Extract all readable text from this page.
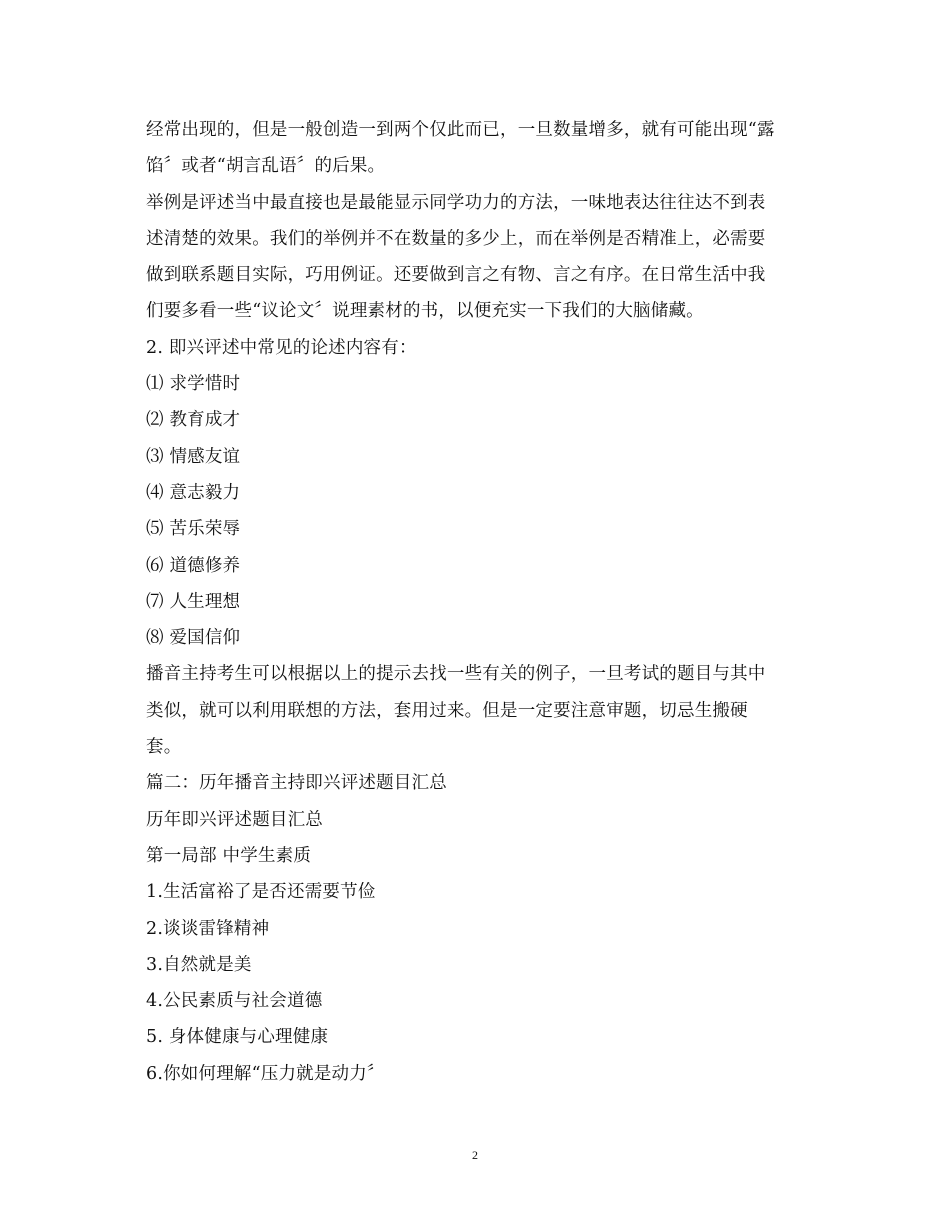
经常出现的，但是一般创造一到两个仅此而已，一旦数量增多，就有可能出现“露

馅〞或者“胡言乱语〞的后果。

举例是评述当中最直接也是最能显示同学功力的方法，一味地表达往往达不到表

述清楚的效果。我们的举例并不在数量的多少上，而在举例是否精准上，必需要

做到联系题目实际，巧用例证。还要做到言之有物、言之有序。在日常生活中我

们要多看一些“议论文〞说理素材的书，以便充实一下我们的大脑储藏。

2. 即兴评述中常见的论述内容有：

⑴ 求学惜时

⑵ 教育成才

⑶ 情感友谊

⑷ 意志毅力

⑸ 苦乐荣辱

⑹ 道德修养

⑺ 人生理想

⑻ 爱国信仰

播音主持考生可以根据以上的提示去找一些有关的例子，一旦考试的题目与其中

类似，就可以利用联想的方法，套用过来。但是一定要注意审题，切忌生搬硬

套。

篇二：历年播音主持即兴评述题目汇总

历年即兴评述题目汇总

第一局部 中学生素质

1.生活富裕了是否还需要节俭

2.谈谈雷锋精神

3.自然就是美

4.公民素质与社会道德

5. 身体健康与心理健康

6.你如何理解“压力就是动力〞

2
